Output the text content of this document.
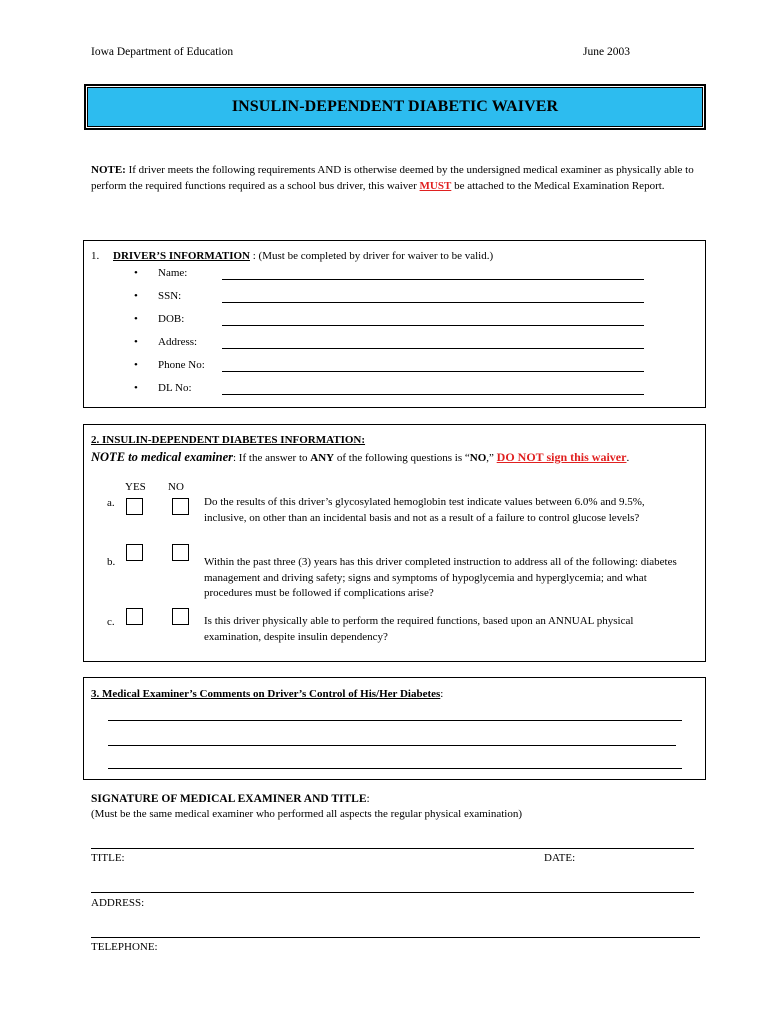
Iowa Department of Education	June 2003
INSULIN-DEPENDENT DIABETIC WAIVER
NOTE: If driver meets the following requirements AND is otherwise deemed by the undersigned medical examiner as physically able to perform the required functions required as a school bus driver, this waiver MUST be attached to the Medical Examination Report.
1. DRIVER’S INFORMATION : (Must be completed by driver for waiver to be valid.)
• Name:
• SSN:
• DOB:
• Address:
• Phone No:
• DL No:
2. INSULIN-DEPENDENT DIABETES INFORMATION:
NOTE to medical examiner: If the answer to ANY of the following questions is “NO,” DO NOT sign this waiver.
YES NO
a.	Do the results of this driver’s glycosylated hemoglobin test indicate values between 6.0% and 9.5%, inclusive, on other than an incidental basis and not as a result of a failure to control glucose levels?
b.	Within the past three (3) years has this driver completed instruction to address all of the following: diabetes management and driving safety; signs and symptoms of hypoglycemia and hyperglycemia; and what procedures must be followed if complications arise?
c.	Is this driver physically able to perform the required functions, based upon an ANNUAL physical examination, despite insulin dependency?
3. Medical Examiner’s Comments on Driver’s Control of His/Her Diabetes:
SIGNATURE OF MEDICAL EXAMINER AND TITLE:
(Must be the same medical examiner who performed all aspects the regular physical examination)
TITLE:	DATE:
ADDRESS:
TELEPHONE:
